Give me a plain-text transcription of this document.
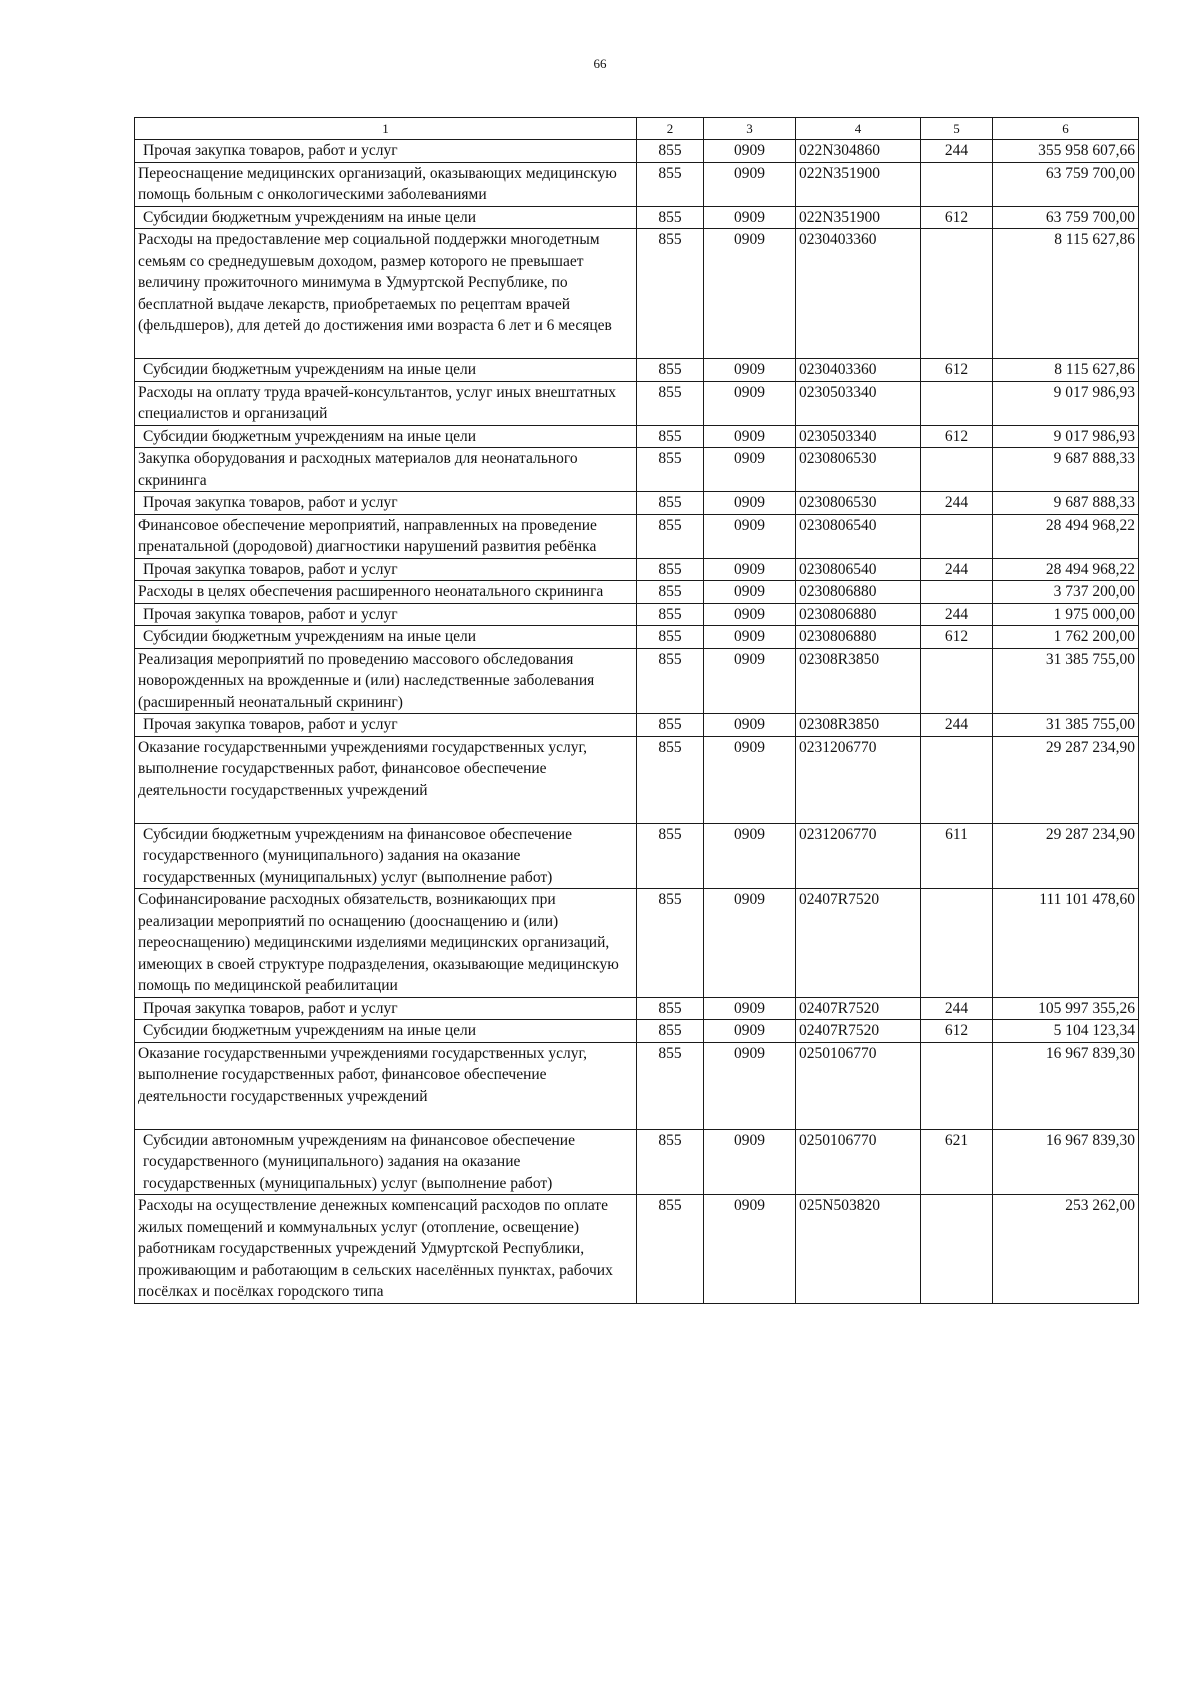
66
1	2	3	4	5	6
Прочая закупка товаров, работ и услуг	855	0909	022N304860	244	355 958 607,66
Переоснащение медицинских организаций, оказывающих медицинскую помощь больным с онкологическими заболеваниями	855	0909	022N351900		63 759 700,00
Субсидии бюджетным учреждениям на иные цели	855	0909	022N351900	612	63 759 700,00
Расходы на предоставление мер социальной поддержки многодетным семьям со среднедушевым доходом, размер которого не превышает величину прожиточного минимума в Удмуртской Республике, по бесплатной выдаче лекарств, приобретаемых по рецептам врачей (фельдшеров), для детей до достижения ими возраста 6 лет и 6 месяцев	855	0909	0230403360		8 115 627,86
Субсидии бюджетным учреждениям на иные цели	855	0909	0230403360	612	8 115 627,86
Расходы на оплату труда врачей-консультантов, услуг иных внештатных специалистов и организаций	855	0909	0230503340		9 017 986,93
Субсидии бюджетным учреждениям на иные цели	855	0909	0230503340	612	9 017 986,93
Закупка оборудования и расходных материалов для неонатального скрининга	855	0909	0230806530		9 687 888,33
Прочая закупка товаров, работ и услуг	855	0909	0230806530	244	9 687 888,33
Финансовое обеспечение мероприятий, направленных на проведение пренатальной (дородовой) диагностики нарушений развития ребёнка	855	0909	0230806540		28 494 968,22
Прочая закупка товаров, работ и услуг	855	0909	0230806540	244	28 494 968,22
Расходы в целях обеспечения расширенного неонатального скрининга	855	0909	0230806880		3 737 200,00
Прочая закупка товаров, работ и услуг	855	0909	0230806880	244	1 975 000,00
Субсидии бюджетным учреждениям на иные цели	855	0909	0230806880	612	1 762 200,00
Реализация мероприятий по проведению массового обследования новорожденных на врожденные и (или) наследственные заболевания (расширенный неонатальный скрининг)	855	0909	02308R3850		31 385 755,00
Прочая закупка товаров, работ и услуг	855	0909	02308R3850	244	31 385 755,00
Оказание государственными учреждениями государственных услуг, выполнение государственных работ, финансовое обеспечение деятельности государственных учреждений	855	0909	0231206770		29 287 234,90
Субсидии бюджетным учреждениям на финансовое обеспечение государственного (муниципального) задания на оказание государственных (муниципальных) услуг (выполнение работ)	855	0909	0231206770	611	29 287 234,90
Софинансирование расходных обязательств, возникающих при реализации мероприятий по оснащению (дооснащению и (или) переоснащению) медицинскими изделиями медицинских организаций, имеющих в своей структуре подразделения, оказывающие медицинскую помощь по медицинской реабилитации	855	0909	02407R7520		111 101 478,60
Прочая закупка товаров, работ и услуг	855	0909	02407R7520	244	105 997 355,26
Субсидии бюджетным учреждениям на иные цели	855	0909	02407R7520	612	5 104 123,34
Оказание государственными учреждениями государственных услуг, выполнение государственных работ, финансовое обеспечение деятельности государственных учреждений	855	0909	0250106770		16 967 839,30
Субсидии автономным учреждениям на финансовое обеспечение государственного (муниципального) задания на оказание государственных (муниципальных) услуг (выполнение работ)	855	0909	0250106770	621	16 967 839,30
Расходы на осуществление денежных компенсаций расходов по оплате жилых помещений и коммунальных услуг (отопление, освещение) работникам государственных учреждений Удмуртской Республики, проживающим и работающим в сельских населённых пунктах, рабочих посёлках и посёлках городского типа	855	0909	025N503820		253 262,00
